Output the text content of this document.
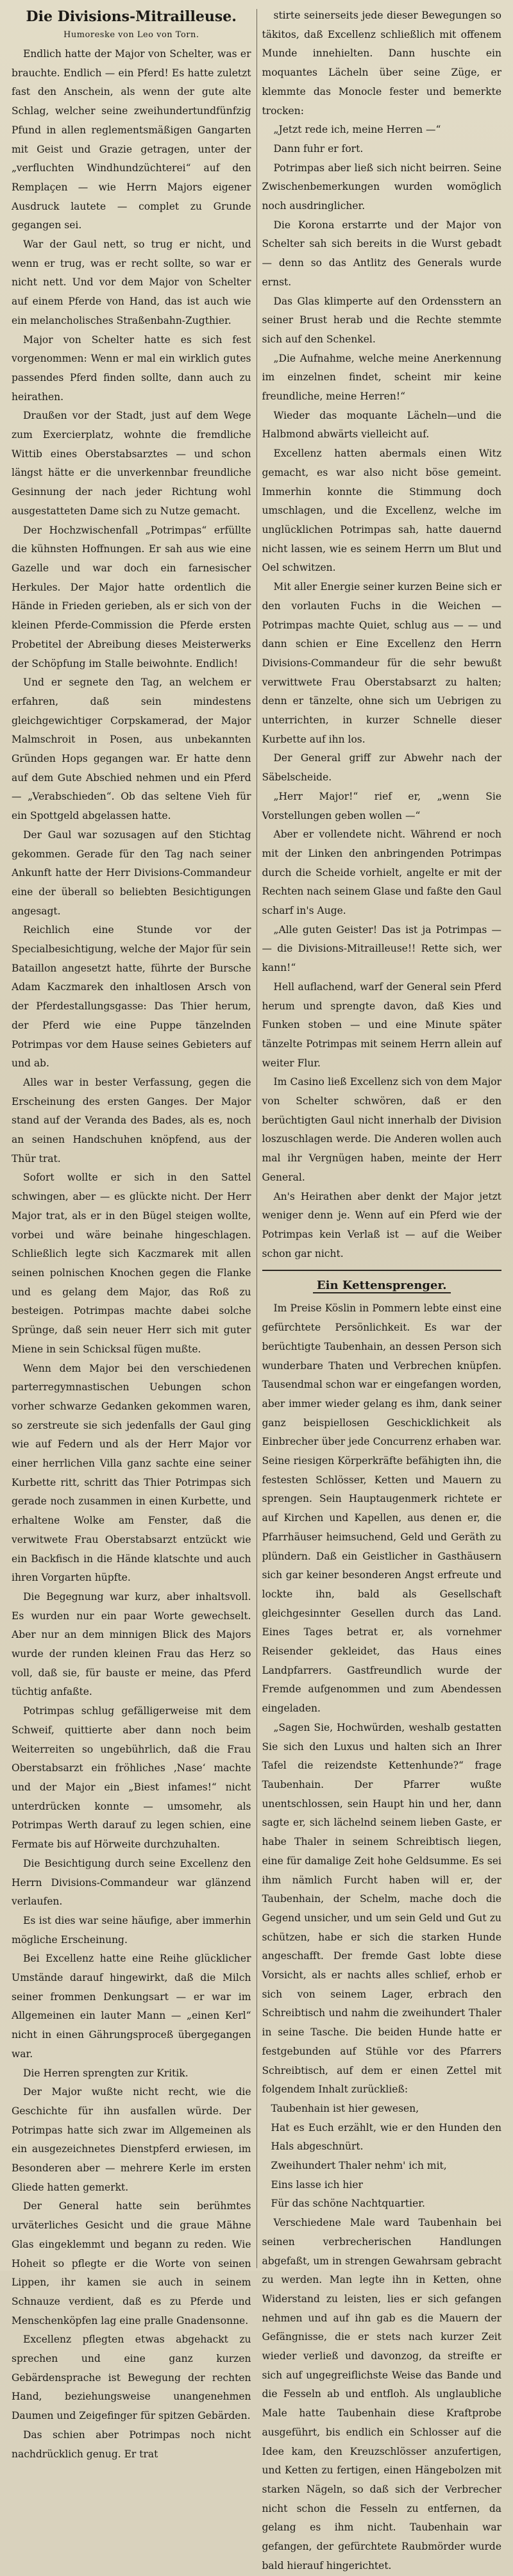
Die Divisions-Mitrailleuse.
Humoreske von Leo von Torn.

Endlich hatte der Major von Schelter, was er brauchte. Endlich — ein Pferd! Es hatte zuletzt fast den Anschein, als wenn der gute alte Schlag, welcher seine zweihundertundfünfzig Pfund in allen reglementsmäßigen Gangarten mit Geist und Grazie getragen, unter der „verfluchten Windhundzüchterei“ auf den Remplaçen — wie Herrn Majors eigener Ausdruck lautete — complet zu Grunde gegangen sei.

War der Gaul nett, so trug er nicht, und wenn er trug, was er recht sollte, so war er nicht nett. Und vor dem Major von Schelter auf einem Pferde von Hand, das ist auch wie ein melancholisches Straßenbahn-Zugthier.

Major von Schelter hatte es sich fest vorgenommen: Wenn er mal ein wirklich gutes passendes Pferd finden sollte, dann auch zu heirathen.

Draußen vor der Stadt, just auf dem Wege zum Exercierplatz, wohnte die fremdliche Wittib eines Oberstabsarztes — und schon längst hätte er die unverkennbar freundliche Gesinnung der nach jeder Richtung wohl ausgestatteten Dame sich zu Nutze gemacht.

Der Hochzwischenfall „Potrimpas“ erfüllte die kühnsten Hoffnungen. Er sah aus wie eine Gazelle und war doch ein farnesischer Herkules. Der Major hatte ordentlich die Hände in Frieden gerieben, als er sich von der kleinen Pferde-Commission die Pferde ersten Probetitel der Abreibung dieses Meisterwerks der Schöpfung im Stalle beiwohnte. Endlich!

Und er segnete den Tag, an welchem er erfahren, daß sein mindestens gleichgewichtiger Corpskamerad, der Major Malmschroit in Posen, aus unbekannten Gründen Hops gegangen war. Er hatte denn auf dem Gute Abschied nehmen und ein Pferd — „Verabschieden“. Ob das seltene Vieh für ein Spottgeld abgelassen hatte.

Der Gaul war sozusagen auf den Stichtag gekommen. Gerade für den Tag nach seiner Ankunft hatte der Herr Divisions-Commandeur eine der überall so beliebten Besichtigungen angesagt.

Reichlich eine Stunde vor der Specialbesichtigung, welche der Major für sein Bataillon angesetzt hatte, führte der Bursche Adam Kaczmarek den inhaltlosen Arsch von der Pferdestallungsgasse: Das Thier herum, der Pferd wie eine Puppe tänzelnden Potrimpas vor dem Hause seines Gebieters auf und ab.

Alles war in bester Verfassung, gegen die Erscheinung des ersten Ganges. Der Major stand auf der Veranda des Bades, als es, noch an seinen Handschuhen knöpfend, aus der Thür trat.

Sofort wollte er sich in den Sattel schwingen, aber — es glückte nicht. Der Herr Major trat, als er in den Bügel steigen wollte, vorbei und wäre beinahe hingeschlagen. Schließlich legte sich Kaczmarek mit allen seinen polnischen Knochen gegen die Flanke und es gelang dem Major, das Roß zu besteigen. Potrimpas machte dabei solche Sprünge, daß sein neuer Herr sich mit guter Miene in sein Schicksal fügen mußte.

Wenn dem Major bei den verschiedenen parterregymnastischen Uebungen schon vorher schwarze Gedanken gekommen waren, so zerstreute sie sich jedenfalls der Gaul ging wie auf Federn und als der Herr Major vor einer herrlichen Villa ganz sachte eine seiner Kurbette ritt, schritt das Thier Potrimpas sich gerade noch zusammen in einen Kurbette, und erhaltene Wolke am Fenster, daß die verwitwete Frau Oberstabsarzt entzückt wie ein Backfisch in die Hände klatschte und auch ihren Vorgarten hüpfte.

Die Begegnung war kurz, aber inhaltsvoll. Es wurden nur ein paar Worte gewechselt. Aber nur an dem minnigen Blick des Majors wurde der runden kleinen Frau das Herz so voll, daß sie, für bauste er meine, das Pferd tüchtig anfaßte.

Potrimpas schlug gefälligerweise mit dem Schweif, quittierte aber dann noch beim Weiterreiten so ungebührlich, daß die Frau Oberstabsarzt ein fröhliches ‚Nase‘ machte und der Major ein „Biest infames!“ nicht unterdrücken konnte — umsomehr, als Potrimpas Werth darauf zu legen schien, eine Fermate bis auf Hörweite durchzuhalten.

Die Besichtigung durch seine Excellenz den Herrn Divisions-Commandeur war glänzend verlaufen.

Es ist dies war seine häufige, aber immerhin mögliche Erscheinung.

Bei Excellenz hatte eine Reihe glücklicher Umstände darauf hingewirkt, daß die Milch seiner frommen Denkungsart — er war im Allgemeinen ein lauter Mann — „einen Kerl“ nicht in einen Gährungsproceß übergegangen war.

Die Herren sprengten zur Kritik.

Der Major wußte nicht recht, wie die Geschichte für ihn ausfallen würde. Der Potrimpas hatte sich zwar im Allgemeinen als ein ausgezeichnetes Dienstpferd erwiesen, im Besonderen aber — mehrere Kerle im ersten Gliede hatten gemerkt.

Der General hatte sein berühmtes urväterliches Gesicht und die graue Mähne Glas eingeklemmt und begann zu reden. Wie Hoheit so pflegte er die Worte von seinen Lippen, ihr kamen sie auch in seinem Schnauze verdient, daß es zu Pferde und Menschenköpfen lag eine pralle Gnadensonne.

Excellenz pflegten etwas abgehackt zu sprechen und eine ganz kurzen Gebärdensprache ist Bewegung der rechten Hand, beziehungsweise unangenehmen Daumen und Zeigefinger für spitzen Gebärden.

Das schien aber Potrimpas noch nicht nachdrücklich genug. Er trat

stirte seinerseits jede dieser Bewegungen so täkitos, daß Excellenz schließlich mit offenem Munde innehielten. Dann huschte ein moquantes Lächeln über seine Züge, er klemmte das Monocle fester und bemerkte trocken:

„Jetzt rede ich, meine Herren —“

Dann fuhr er fort.

Potrimpas aber ließ sich nicht beirren. Seine Zwischenbemerkungen wurden womöglich noch ausdringlicher.

Die Korona erstarrte und der Major von Schelter sah sich bereits in die Wurst gebadt — denn so das Antlitz des Generals wurde ernst.

Das Glas klimperte auf den Ordensstern an seiner Brust herab und die Rechte stemmte sich auf den Schenkel.

„Die Aufnahme, welche meine Anerkennung im einzelnen findet, scheint mir keine freundliche, meine Herren!“

Wieder das moquante Lächeln—und die Halbmond abwärts vielleicht auf.

Excellenz hatten abermals einen Witz gemacht, es war also nicht böse gemeint. Immerhin konnte die Stimmung doch umschlagen, und die Excellenz, welche im unglücklichen Potrimpas sah, hatte dauernd nicht lassen, wie es seinem Herrn um Blut und Oel schwitzen.

Mit aller Energie seiner kurzen Beine sich er den vorlauten Fuchs in die Weichen — Potrimpas machte Quiet, schlug aus — — und dann schien er Eine Excellenz den Herrn Divisions-Commandeur für die sehr bewußt verwittwete Frau Oberstabsarzt zu halten; denn er tänzelte, ohne sich um Uebrigen zu unterrichten, in kurzer Schnelle dieser Kurbette auf ihn los.

Der General griff zur Abwehr nach der Säbelscheide.

„Herr Major!“ rief er, „wenn Sie Vorstellungen geben wollen —“

Aber er vollendete nicht. Während er noch mit der Linken den anbringenden Potrimpas durch die Scheide vorhielt, angelte er mit der Rechten nach seinem Glase und faßte den Gaul scharf in's Auge.

„Alle guten Geister! Das ist ja Potrimpas — — die Divisions-Mitrailleuse!! Rette sich, wer kann!“

Hell auflachend, warf der General sein Pferd herum und sprengte davon, daß Kies und Funken stoben — und eine Minute später tänzelte Potrimpas mit seinem Herrn allein auf weiter Flur.

Im Casino ließ Excellenz sich von dem Major von Schelter schwören, daß er den berüchtigten Gaul nicht innerhalb der Division loszuschlagen werde. Die Anderen wollen auch mal ihr Vergnügen haben, meinte der Herr General.

An's Heirathen aber denkt der Major jetzt weniger denn je. Wenn auf ein Pferd wie der Potrimpas kein Verlaß ist — auf die Weiber schon gar nicht.

Ein Kettensprenger.

Im Preise Köslin in Pommern lebte einst eine gefürchtete Persönlichkeit. Es war der berüchtigte Taubenhain, an dessen Person sich wunderbare Thaten und Verbrechen knüpfen. Tausendmal schon war er eingefangen worden, aber immer wieder gelang es ihm, dank seiner ganz beispiellosen Geschicklichkeit als Einbrecher über jede Concurrenz erhaben war. Seine riesigen Körperkräfte befähigten ihn, die festesten Schlösser, Ketten und Mauern zu sprengen. Sein Hauptaugenmerk richtete er auf Kirchen und Kapellen, aus denen er, die Pfarrhäuser heimsuchend, Geld und Geräth zu plündern. Daß ein Geistlicher in Gasthäusern sich gar keiner besonderen Angst erfreute und lockte ihn, bald als Gesellschaft gleichgesinnter Gesellen durch das Land. Eines Tages betrat er, als vornehmer Reisender gekleidet, das Haus eines Landpfarrers. Gastfreundlich wurde der Fremde aufgenommen und zum Abendessen eingeladen.

„Sagen Sie, Hochwürden, weshalb gestatten Sie sich den Luxus und halten sich an Ihrer Tafel die reizendste Kettenhunde?“ frage Taubenhain. Der Pfarrer wußte unentschlossen, sein Haupt hin und her, dann sagte er, sich lächelnd seinem lieben Gaste, er habe Thaler in seinem Schreibtisch liegen, eine für damalige Zeit hohe Geldsumme. Es sei ihm nämlich Furcht haben will er, der Taubenhain, der Schelm, mache doch die Gegend unsicher, und um sein Geld und Gut zu schützen, habe er sich die starken Hunde angeschafft. Der fremde Gast lobte diese Vorsicht, als er nachts alles schlief, erhob er sich von seinem Lager, erbrach den Schreibtisch und nahm die zweihundert Thaler in seine Tasche. Die beiden Hunde hatte er festgebunden auf Stühle vor des Pfarrers Schreibtisch, auf dem er einen Zettel mit folgendem Inhalt zurückließ:

Taubenhain ist hier gewesen,

Hat es Euch erzählt, wie er den Hunden den Hals abgeschnürt.

Zweihundert Thaler nehm' ich mit,

Eins lasse ich hier

Für das schöne Nachtquartier.

Verschiedene Male ward Taubenhain bei seinen verbrecherischen Handlungen abgefaßt, um in strengen Gewahrsam gebracht zu werden. Man legte ihn in Ketten, ohne Widerstand zu leisten, lies er sich gefangen nehmen und auf ihn gab es die Mauern der Gefängnisse, die er stets nach kurzer Zeit wieder verließ und davonzog, da streifte er sich auf ungegreiflichste Weise das Bande und die Fesseln ab und entfloh. Als unglaubliche Male hatte Taubenhain diese Kraftprobe ausgeführt, bis endlich ein Schlosser auf die Idee kam, den Kreuzschlösser anzufertigen, und Ketten zu fertigen, einen Hängebolzen mit starken Nägeln, so daß sich der Verbrecher nicht schon die Fesseln zu entfernen, da gelang es ihm nicht. Taubenhain war gefangen, der gefürchtete Raubmörder wurde bald hierauf hingerichtet.
